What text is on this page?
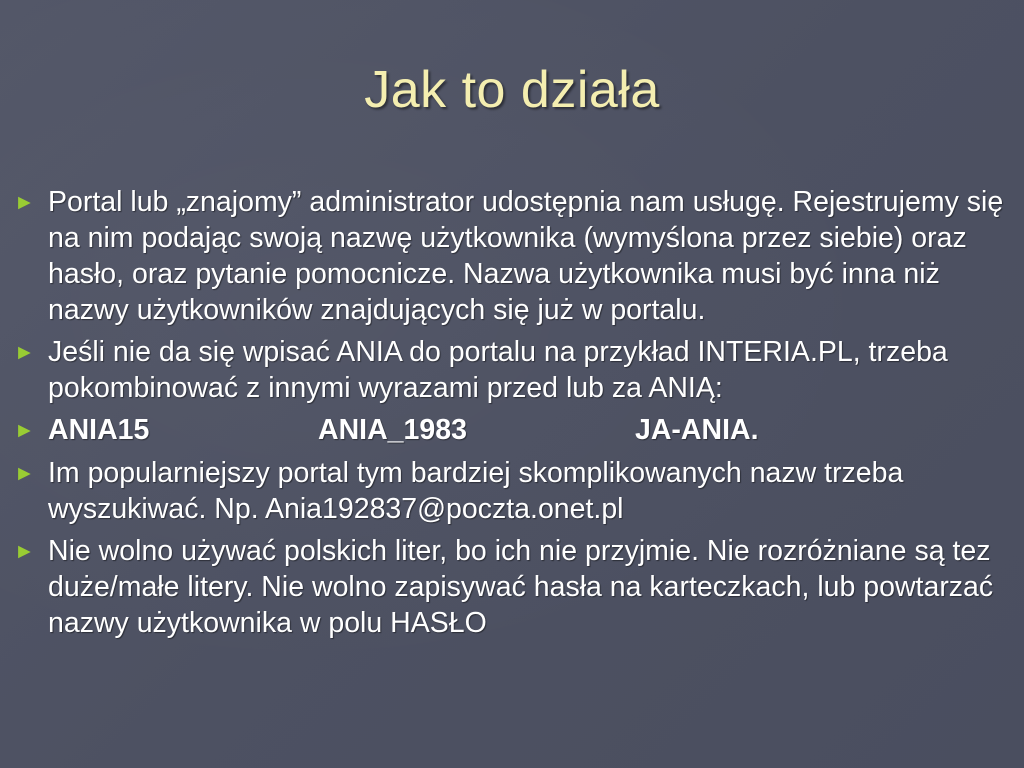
Jak to działa
► Portal lub „znajomy” administrator udostępnia nam usługę. Rejestrujemy się na nim podając swoją nazwę użytkownika (wymyślona przez siebie) oraz hasło, oraz pytanie pomocnicze. Nazwa użytkownika musi być inna niż nazwy użytkowników znajdujących się już w portalu.
► Jeśli nie da się wpisać ANIA do portalu na przykład INTERIA.PL, trzeba pokombinować z innymi wyrazami przed lub za ANIĄ:
► ANIA15	ANIA_1983	JA-ANIA.
► Im popularniejszy portal tym bardziej skomplikowanych nazw trzeba wyszukiwać. Np. Ania192837@poczta.onet.pl
► Nie wolno używać polskich liter, bo ich nie przyjmie. Nie rozróżniane są tez duże/małe litery. Nie wolno zapisywać hasła na karteczkach, lub powtarzać nazwy użytkownika w polu HASŁO
